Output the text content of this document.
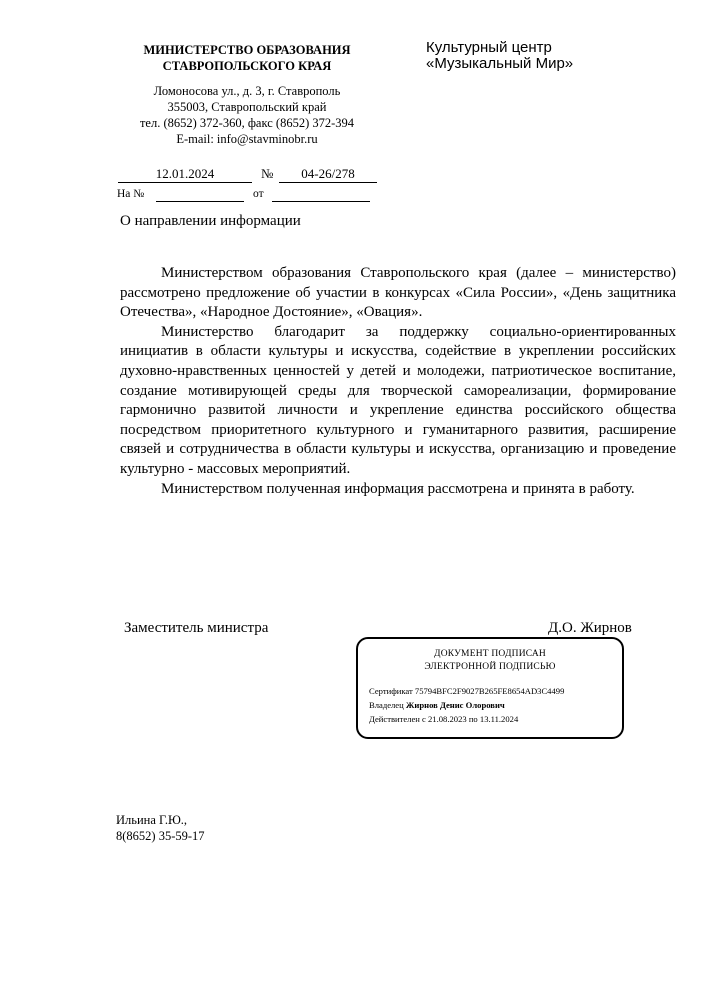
МИНИСТЕРСТВО ОБРАЗОВАНИЯ
СТАВРОПОЛЬСКОГО КРАЯ
Ломоносова ул., д. 3, г. Ставрополь
355003, Ставропольский край
тел. (8652) 372-360, факс (8652) 372-394
E-mail: info@stavminobr.ru
Культурный центр
«Музыкальный Мир»
12.01.2024	№	04-26/278
На №	от
О направлении информации

Министерством образования Ставропольского края (далее – министерство) рассмотрено предложение об участии в конкурсах «Сила России», «День защитника Отечества», «Народное Достояние», «Овация».

Министерство благодарит за поддержку социально-ориентированных инициатив в области культуры и искусства, содействие в укреплении российских духовно-нравственных ценностей у детей и молодежи, патриотическое воспитание, создание мотивирующей среды для творческой самореализации, формирование гармонично развитой личности и укрепление единства российского общества посредством приоритетного культурного и гуманитарного развития, расширение связей и сотрудничества в области культуры и искусства, организацию и проведение культурно - массовых мероприятий.

Министерством полученная информация рассмотрена и принята в работу.

Заместитель министра	Д.О. Жирнов
ДОКУМЕНТ ПОДПИСАН
ЭЛЕКТРОННОЙ ПОДПИСЬЮ
Сертификат 75794BFC2F9027B265FE8654AD3C4499
Владелец Жирнов Денис Олорович
Действителен с 21.08.2023 по 13.11.2024
Ильина Г.Ю.,
8(8652) 35-59-17
